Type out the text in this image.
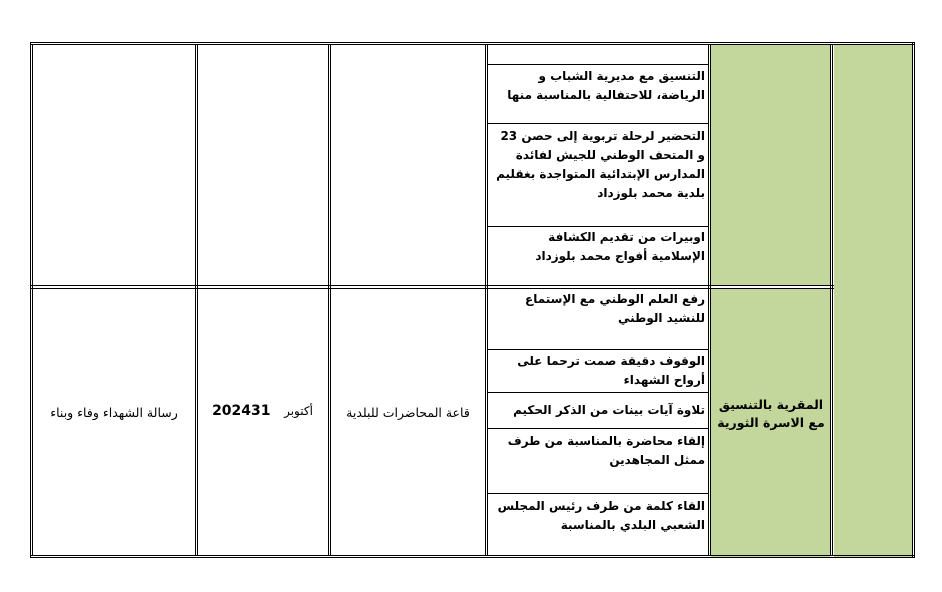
التنسيق مع مديرية الشباب و الرياضة، للاحتفالية بالمناسبة منها
التحضير لرحلة تربوية إلى حصن 23 و المتحف الوطني للجيش لفائدة المدارس الإبتدائية المتواجدة بغقليم بلدية محمد بلوزداد
اوبيرات من تقديم الكشافة الإسلامية أفواج محمد بلوزداد
رفع العلم الوطني مع الإستماع للنشيد الوطني
الوقوف دقيقة صمت ترحما على أرواح الشهداء
تلاوة آيات بينات من الذكر الحكيم
إلقاء محاضرة بالمناسبة من طرف ممثل المجاهدين
القاء كلمة من طرف رئيس المجلس الشعبي البلدي بالمناسبة
المقرية بالتنسيق مع الاسرة الثورية
قاعة المحاضرات للبلدية
2024	أكتوبر   31
رسالة الشهداء وفاء وبناء
